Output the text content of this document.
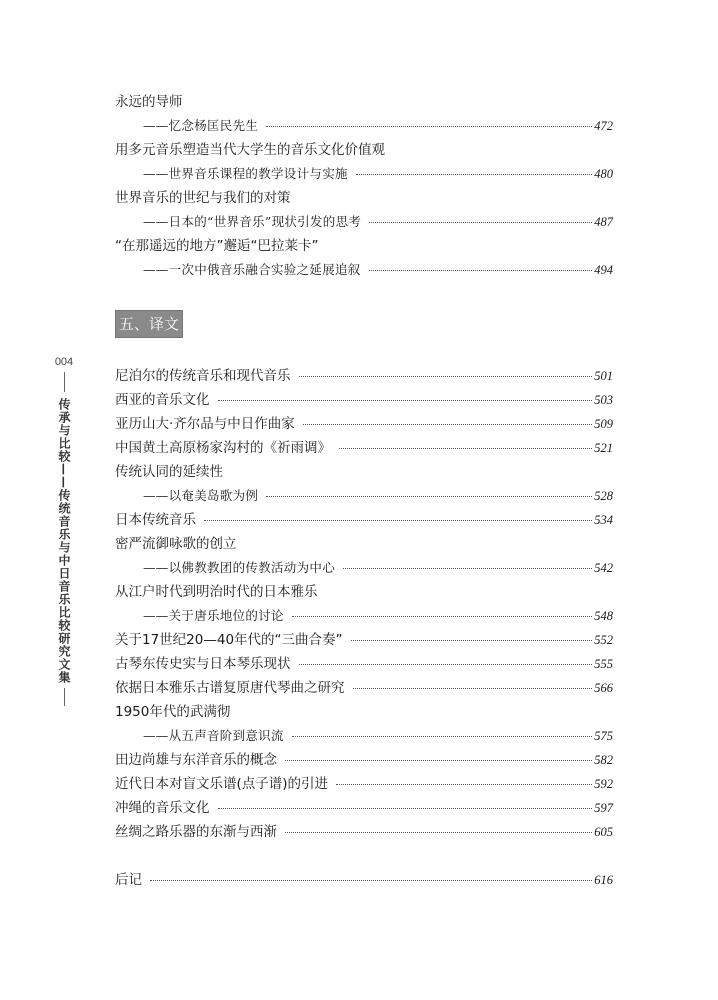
004
传承与比较——传统音乐与中日音乐比较研究文集
五、译文
永远的导师
——忆念杨匡民先生	472
用多元音乐塑造当代大学生的音乐文化价值观
——世界音乐课程的教学设计与实施	480
世界音乐的世纪与我们的对策
——日本的“世界音乐”现状引发的思考	487
“在那遥远的地方”邂逅“巴拉莱卡”
——一次中俄音乐融合实验之延展追叙	494
尼泊尔的传统音乐和现代音乐	501
西亚的音乐文化	503
亚历山大·齐尔品与中日作曲家	509
中国黄土高原杨家沟村的《祈雨调》	521
传统认同的延续性
——以奄美岛歌为例	528
日本传统音乐	534
密严流御咏歌的创立
——以佛教教团的传教活动为中心	542
从江户时代到明治时代的日本雅乐
——关于唐乐地位的讨论	548
关于17世纪20—40年代的“三曲合奏”	552
古琴东传史实与日本琴乐现状	555
依据日本雅乐古谱复原唐代琴曲之研究	566
1950年代的武满彻
——从五声音阶到意识流	575
田边尚雄与东洋音乐的概念	582
近代日本对盲文乐谱(点子谱)的引进	592
冲绳的音乐文化	597
丝绸之路乐器的东渐与西渐	605
后记	616
